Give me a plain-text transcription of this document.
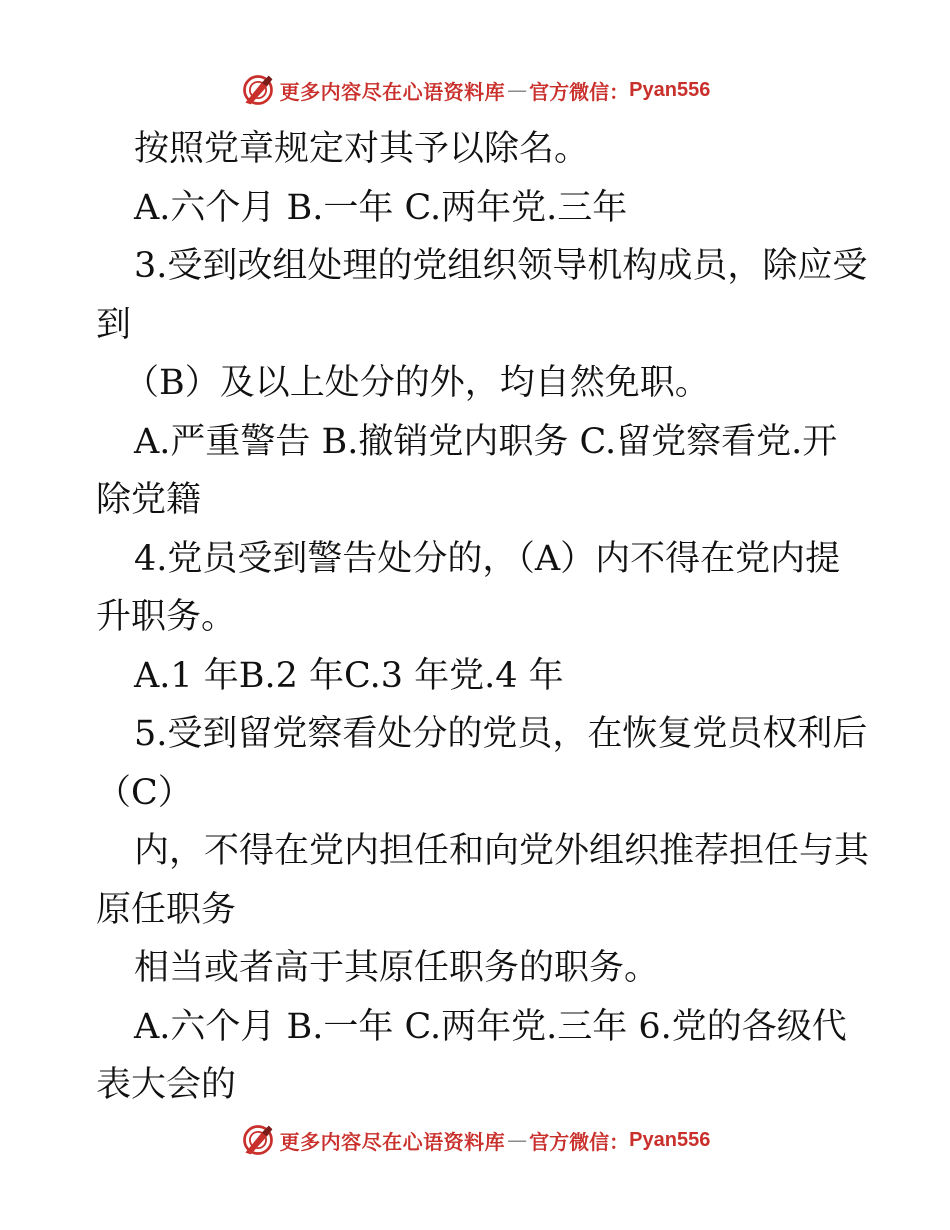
更多内容尽在心语资料库 — 官方微信： Pyan556
按照党章规定对其予以除名。
A.六个月 B.一年 C.两年党.三年
3.受到改组处理的党组织领导机构成员，除应受
到
（B）及以上处分的外，均自然免职。
A.严重警告 B.撤销党内职务 C.留党察看党.开
除党籍
4.党员受到警告处分的，（A）内不得在党内提
升职务。
A.1 年B.2 年C.3 年党.4 年
5.受到留党察看处分的党员，在恢复党员权利后
（C）
内，不得在党内担任和向党外组织推荐担任与其
原任职务
相当或者高于其原任职务的职务。
A.六个月 B.一年 C.两年党.三年 6.党的各级代
表大会的
更多内容尽在心语资料库 — 官方微信： Pyan556
